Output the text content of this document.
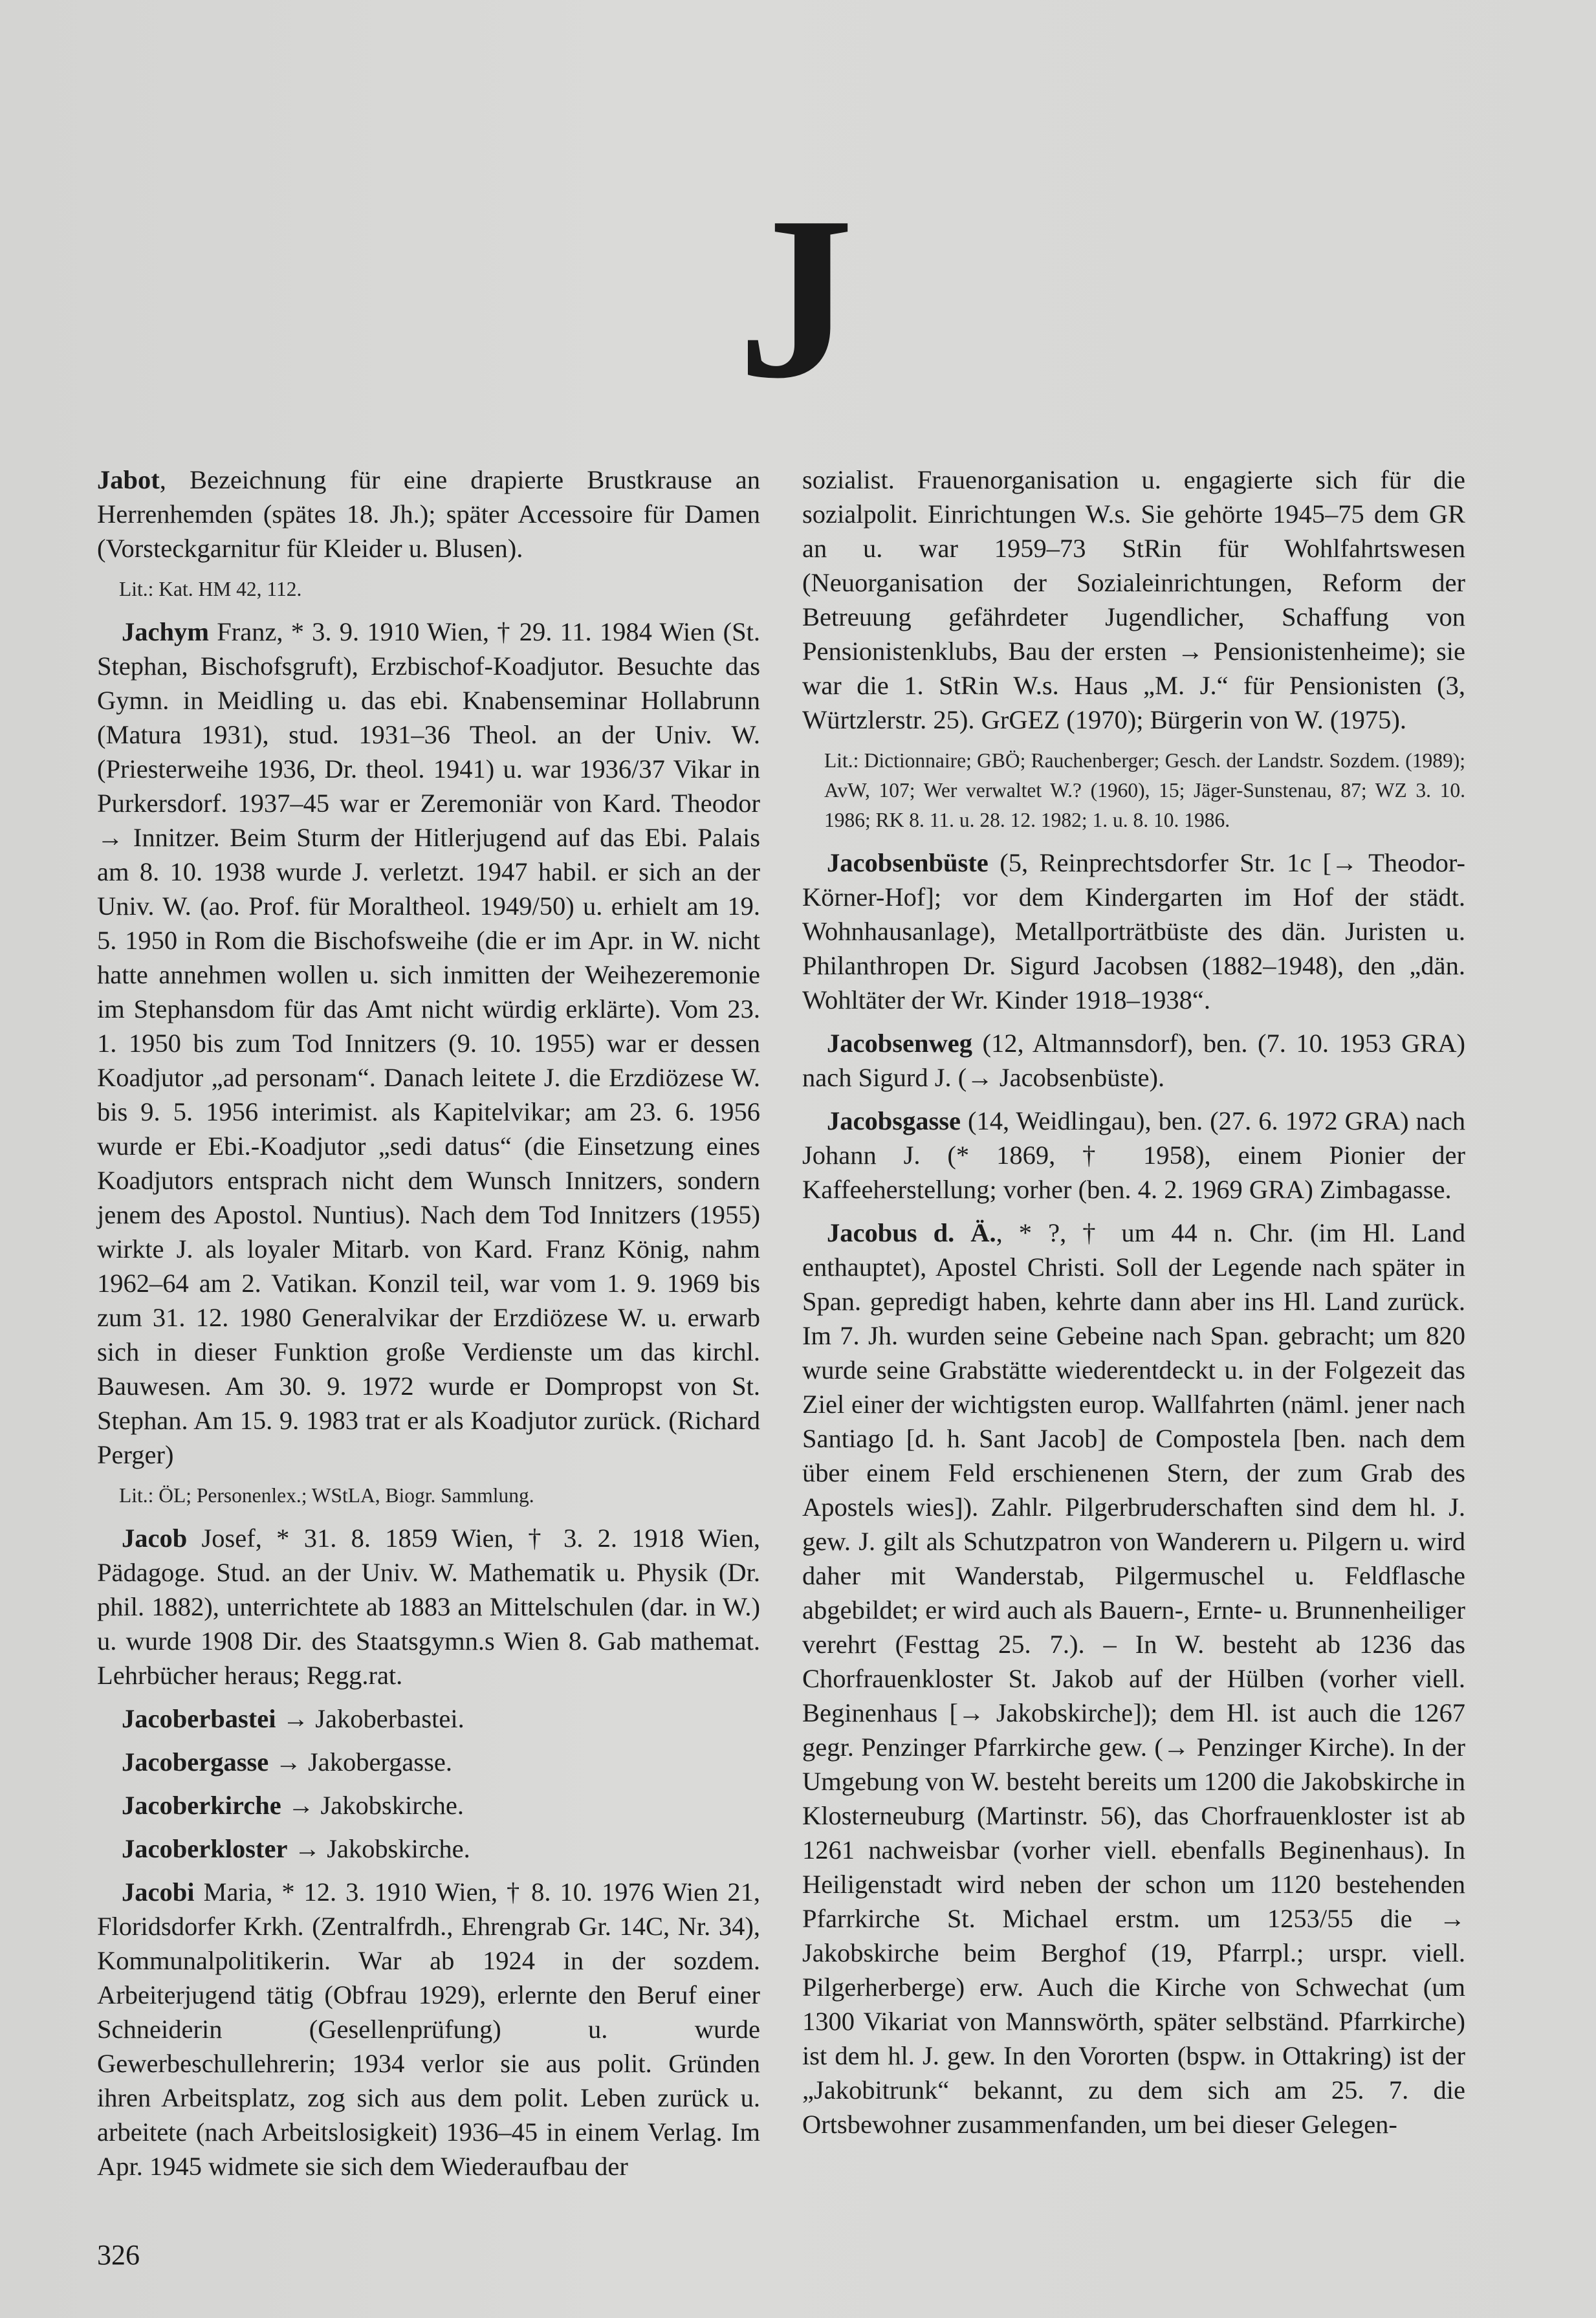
J

Jabot, Bezeichnung für eine drapierte Brustkrause an Herrenhemden (spätes 18. Jh.); später Accessoire für Damen (Vorsteckgarnitur für Kleider u. Blusen).

Lit.: Kat. HM 42, 112.

Jachym Franz, * 3. 9. 1910 Wien, † 29. 11. 1984 Wien (St. Stephan, Bischofsgruft), Erzbischof-Koadjutor. Besuchte das Gymn. in Meidling u. das ebi. Knabenseminar Hollabrunn (Matura 1931), stud. 1931–36 Theol. an der Univ. W. (Priesterweihe 1936, Dr. theol. 1941) u. war 1936/37 Vikar in Purkersdorf. 1937–45 war er Zeremoniär von Kard. Theodor → Innitzer. Beim Sturm der Hitlerjugend auf das Ebi. Palais am 8. 10. 1938 wurde J. verletzt. 1947 habil. er sich an der Univ. W. (ao. Prof. für Moraltheol. 1949/50) u. erhielt am 19. 5. 1950 in Rom die Bischofsweihe (die er im Apr. in W. nicht hatte annehmen wollen u. sich inmitten der Weihezeremonie im Stephansdom für das Amt nicht würdig erklärte). Vom 23. 1. 1950 bis zum Tod Innitzers (9. 10. 1955) war er dessen Koadjutor „ad personam“. Danach leitete J. die Erzdiözese W. bis 9. 5. 1956 interimist. als Kapitelvikar; am 23. 6. 1956 wurde er Ebi.-Koadjutor „sedi datus“ (die Einsetzung eines Koadjutors entsprach nicht dem Wunsch Innitzers, sondern jenem des Apostol. Nuntius). Nach dem Tod Innitzers (1955) wirkte J. als loyaler Mitarb. von Kard. Franz König, nahm 1962–64 am 2. Vatikan. Konzil teil, war vom 1. 9. 1969 bis zum 31. 12. 1980 Generalvikar der Erzdiözese W. u. erwarb sich in dieser Funktion große Verdienste um das kirchl. Bauwesen. Am 30. 9. 1972 wurde er Dompropst von St. Stephan. Am 15. 9. 1983 trat er als Koadjutor zurück. (Richard Perger)

Lit.: ÖL; Personenlex.; WStLA, Biogr. Sammlung.

Jacob Josef, * 31. 8. 1859 Wien, † 3. 2. 1918 Wien, Pädagoge. Stud. an der Univ. W. Mathematik u. Physik (Dr. phil. 1882), unterrichtete ab 1883 an Mittelschulen (dar. in W.) u. wurde 1908 Dir. des Staatsgymn.s Wien 8. Gab mathemat. Lehrbücher heraus; Regg.rat.

Jacoberbastei → Jakoberbastei.

Jacobergasse → Jakobergasse.

Jacoberkirche → Jakobskirche.

Jacoberkloster → Jakobskirche.

Jacobi Maria, * 12. 3. 1910 Wien, † 8. 10. 1976 Wien 21, Floridsdorfer Krkh. (Zentralfrdh., Ehrengrab Gr. 14C, Nr. 34), Kommunalpolitikerin. War ab 1924 in der sozdem. Arbeiterjugend tätig (Obfrau 1929), erlernte den Beruf einer Schneiderin (Gesellenprüfung) u. wurde Gewerbeschullehrerin; 1934 verlor sie aus polit. Gründen ihren Arbeitsplatz, zog sich aus dem polit. Leben zurück u. arbeitete (nach Arbeitslosigkeit) 1936–45 in einem Verlag. Im Apr. 1945 widmete sie sich dem Wiederaufbau der

sozialist. Frauenorganisation u. engagierte sich für die sozialpolit. Einrichtungen W.s. Sie gehörte 1945–75 dem GR an u. war 1959–73 StRin für Wohlfahrtswesen (Neuorganisation der Sozialeinrichtungen, Reform der Betreuung gefährdeter Jugendlicher, Schaffung von Pensionistenklubs, Bau der ersten → Pensionistenheime); sie war die 1. StRin W.s. Haus „M. J.“ für Pensionisten (3, Würtzlerstr. 25). GrGEZ (1970); Bürgerin von W. (1975).

Lit.: Dictionnaire; GBÖ; Rauchenberger; Gesch. der Landstr. Sozdem. (1989); AvW, 107; Wer verwaltet W.? (1960), 15; Jäger-Sunstenau, 87; WZ 3. 10. 1986; RK 8. 11. u. 28. 12. 1982; 1. u. 8. 10. 1986.

Jacobsenbüste (5, Reinprechtsdorfer Str. 1c [→ Theodor-Körner-Hof]; vor dem Kindergarten im Hof der städt. Wohnhausanlage), Metallporträtbüste des dän. Juristen u. Philanthropen Dr. Sigurd Jacobsen (1882–1948), den „dän. Wohltäter der Wr. Kinder 1918–1938“.

Jacobsenweg (12, Altmannsdorf), ben. (7. 10. 1953 GRA) nach Sigurd J. (→ Jacobsenbüste).

Jacobsgasse (14, Weidlingau), ben. (27. 6. 1972 GRA) nach Johann J. (* 1869, † 1958), einem Pionier der Kaffeeherstellung; vorher (ben. 4. 2. 1969 GRA) Zimbagasse.

Jacobus d. Ä., * ?, † um 44 n. Chr. (im Hl. Land enthauptet), Apostel Christi. Soll der Legende nach später in Span. gepredigt haben, kehrte dann aber ins Hl. Land zurück. Im 7. Jh. wurden seine Gebeine nach Span. gebracht; um 820 wurde seine Grabstätte wiederentdeckt u. in der Folgezeit das Ziel einer der wichtigsten europ. Wallfahrten (näml. jener nach Santiago [d. h. Sant Jacob] de Compostela [ben. nach dem über einem Feld erschienenen Stern, der zum Grab des Apostels wies]). Zahlr. Pilgerbruderschaften sind dem hl. J. gew. J. gilt als Schutzpatron von Wanderern u. Pilgern u. wird daher mit Wanderstab, Pilgermuschel u. Feldflasche abgebildet; er wird auch als Bauern-, Ernte- u. Brunnenheiliger verehrt (Festtag 25. 7.). – In W. besteht ab 1236 das Chorfrauenkloster St. Jakob auf der Hülben (vorher viell. Beginenhaus [→ Jakobskirche]); dem Hl. ist auch die 1267 gegr. Penzinger Pfarrkirche gew. (→ Penzinger Kirche). In der Umgebung von W. besteht bereits um 1200 die Jakobskirche in Klosterneuburg (Martinstr. 56), das Chorfrauenkloster ist ab 1261 nachweisbar (vorher viell. ebenfalls Beginenhaus). In Heiligenstadt wird neben der schon um 1120 bestehenden Pfarrkirche St. Michael erstm. um 1253/55 die → Jakobskirche beim Berghof (19, Pfarrpl.; urspr. viell. Pilgerherberge) erw. Auch die Kirche von Schwechat (um 1300 Vikariat von Mannswörth, später selbständ. Pfarrkirche) ist dem hl. J. gew. In den Vororten (bspw. in Ottakring) ist der „Jakobitrunk“ bekannt, zu dem sich am 25. 7. die Ortsbewohner zusammenfanden, um bei dieser Gelegen-

326
